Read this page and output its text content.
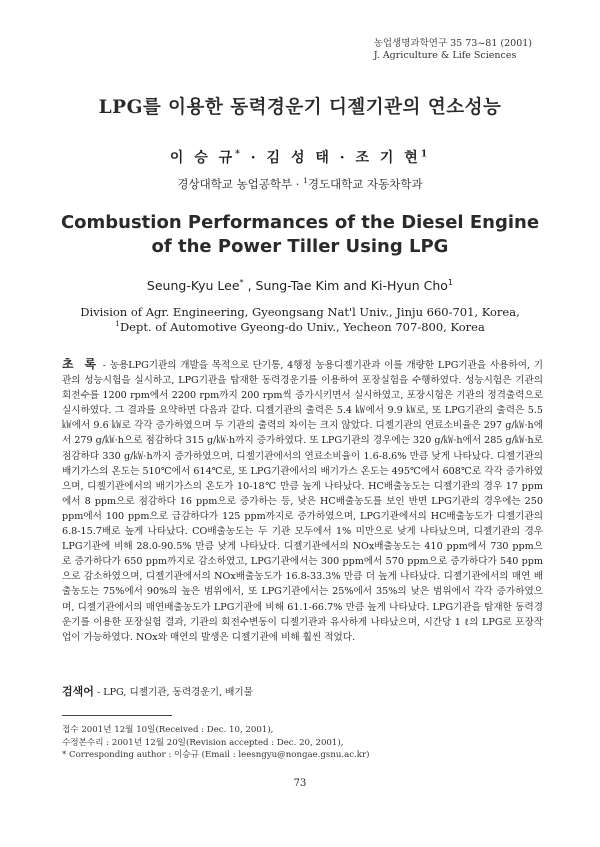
농업생명과학연구 35 73~81 (2001)
J. Agriculture & Life Sciences
LPG를 이용한 동력경운기 디젤기관의 연소성능
이 승 규* · 김 성 태 · 조 기 현$^1$
경상대학교 농업공학부 · $^1$경도대학교 자동차학과
Combustion Performances of the Diesel Engine
of the Power Tiller Using LPG
Seung-Kyu Lee* , Sung-Tae Kim and Ki-Hyun Cho$^1$
Division of Agr. Engineering, Gyeongsang Nat'l Univ., Jinju 660-701, Korea,
$^1$Dept. of Automotive Gyeong-do Univ., Yecheon 707-800, Korea
초 록 - 농용LPG기관의 개발을 목적으로 단기통, 4행정 농용디젤기관과 이를 개량한 LPG기관을 사용하여, 기관의 성능시험을 실시하고, LPG기관을 탑재한 동력경운기를 이용하여 포장실험을 수행하였다. 성능시험은 기관의 회전수를 1200 rpm에서 2200 rpm까지 200 rpm씩 증가시키면서 실시하였고, 포장시험은 기관의 정격출력으로 실시하였다. 그 결과를 요약하면 다음과 같다. 디젤기관의 출력은 5.4 ㎾에서 9.9 ㎾로, 또 LPG기관의 출력은 5.5 ㎾에서 9.6 ㎾로 각각 증가하였으며 두 기관의 출력의 차이는 크지 않았다. 디젤기관의 연료소비율은 297 g/㎾·h에서 279 g/㎾·h으로 점감하다 315 g/㎾·h까지 증가하였다. 또 LPG기관의 경우에는 320 g/㎾·h에서 285 g/㎾·h로 점감하다 330 g/㎾·h까지 증가하였으며, 디젤기관에서의 연료소비율이 1.6-8.6% 만큼 낮게 나타났다. 디젤기관의 배기가스의 온도는 510℃에서 614℃로, 또 LPG기관에서의 배기가스 온도는 495℃에서 608℃로 각각 증가하였으며, 디젤기관에서의 배기가스의 온도가 10-18℃ 만큼 높게 나타났다. HC배출농도는 디젤기관의 경우 17 ppm에서 8 ppm으로 점감하다 16 ppm으로 증가하는 등, 낮은 HC배출농도를 보인 반면 LPG기관의 경우에는 250 ppm에서 100 ppm으로 급감하다가 125 ppm까지로 증가하였으며, LPG기관에서의 HC배출농도가 디젤기관의 6.8-15.7배로 높게 나타났다. CO배출농도는 두 기관 모두에서 1% 미만으로 낮게 나타났으며, 디젤기관의 경우 LPG기관에 비해 28.0-90.5% 만큼 낮게 나타났다. 디젤기관에서의 NOx배출농도는 410 ppm에서 730 ppm으로 증가하다가 650 ppm까지로 감소하였고, LPG기관에서는 300 ppm에서 570 ppm으로 증가하다가 540 ppm으로 감소하였으며, 디젤기관에서의 NOx배출농도가 16.8-33.3% 만큼 더 높게 나타났다. 디젤기관에서의 매연 배출농도는 75%에서 90%의 높은 범위에서, 또 LPG기관에서는 25%에서 35%의 낮은 범위에서 각각 증가하였으며, 디젤기관에서의 매연배출농도가 LPG기관에 비해 61.1-66.7% 만큼 높게 나타났다. LPG기관을 탑재한 동력경운기를 이용한 포장실험 결과, 기관의 회전수변동이 디젤기관과 유사하게 나타났으며, 시간당 1 ℓ의 LPG로 포장작업이 가능하였다. NOx와 매연의 발생은 디젤기관에 비해 훨씬 적었다.
검색어 - LPG, 디젤기관, 동력경운기, 배기물
접수 2001년 12월 10일(Received : Dec. 10, 2001),
수정본수리 : 2001년 12월 20일(Revision accepted : Dec. 20, 2001),
* Corresponding author : 이승규 (Email : leesngyu@nongae.gsnu.ac.kr)
73
